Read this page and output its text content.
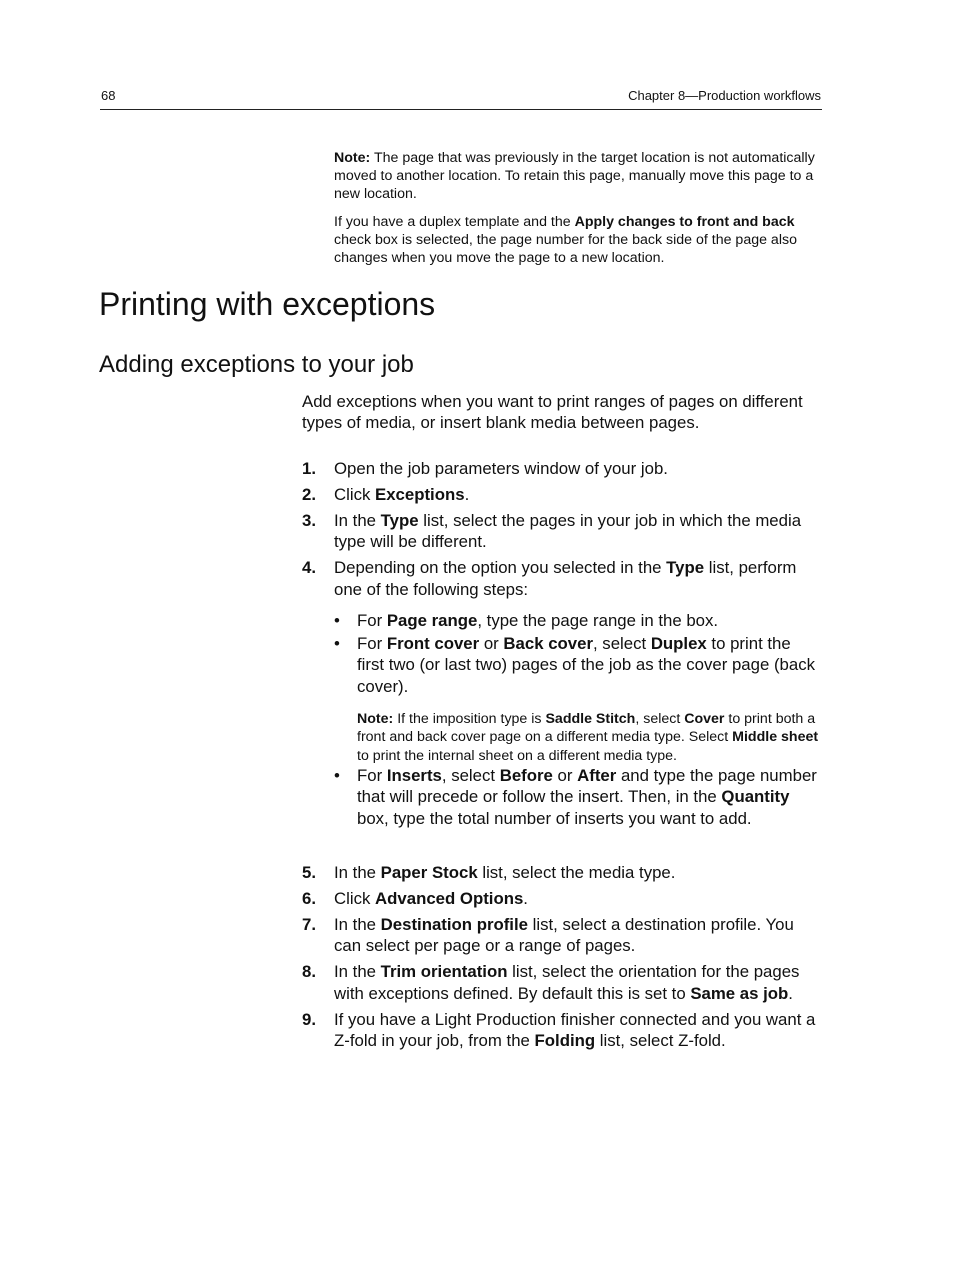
68	Chapter 8—Production workflows

Note: The page that was previously in the target location is not automatically moved to another location. To retain this page, manually move this page to a new location.

If you have a duplex template and the Apply changes to front and back check box is selected, the page number for the back side of the page also changes when you move the page to a new location.

Printing with exceptions
Adding exceptions to your job

Add exceptions when you want to print ranges of pages on different types of media, or insert blank media between pages.

1. Open the job parameters window of your job.
2. Click Exceptions.
3. In the Type list, select the pages in your job in which the media type will be different.
4. Depending on the option you selected in the Type list, perform one of the following steps:
• For Page range, type the page range in the box.
• For Front cover or Back cover, select Duplex to print the first two (or last two) pages of the job as the cover page (back cover).

Note: If the imposition type is Saddle Stitch, select Cover to print both a front and back cover page on a different media type. Select Middle sheet to print the internal sheet on a different media type.

• For Inserts, select Before or After and type the page number that will precede or follow the insert. Then, in the Quantity box, type the total number of inserts you want to add.
5. In the Paper Stock list, select the media type.
6. Click Advanced Options.
7. In the Destination profile list, select a destination profile. You can select per page or a range of pages.
8. In the Trim orientation list, select the orientation for the pages with exceptions defined. By default this is set to Same as job.
9. If you have a Light Production finisher connected and you want a Z-fold in your job, from the Folding list, select Z-fold.
